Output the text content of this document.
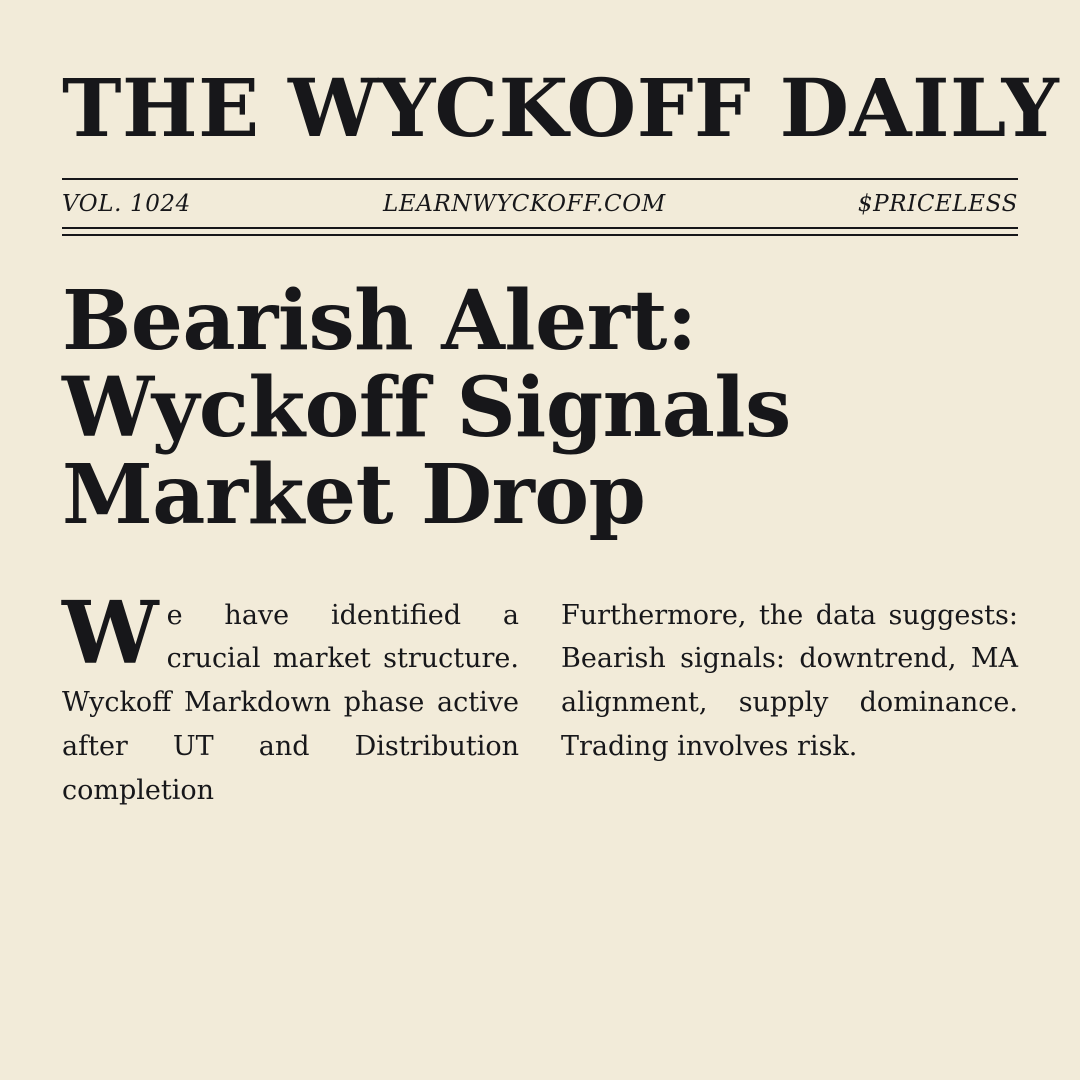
THE WYCKOFF DAILY
VOL. 1024	LEARNWYCKOFF.COM	$PRICELESS
Bearish Alert: Wyckoff Signals Market Drop

We have identified a crucial market structure. Wyckoff Markdown phase active after UT and Distribution completion

Furthermore, the data suggests: Bearish signals: downtrend, MA alignment, supply dominance. Trading involves risk.
